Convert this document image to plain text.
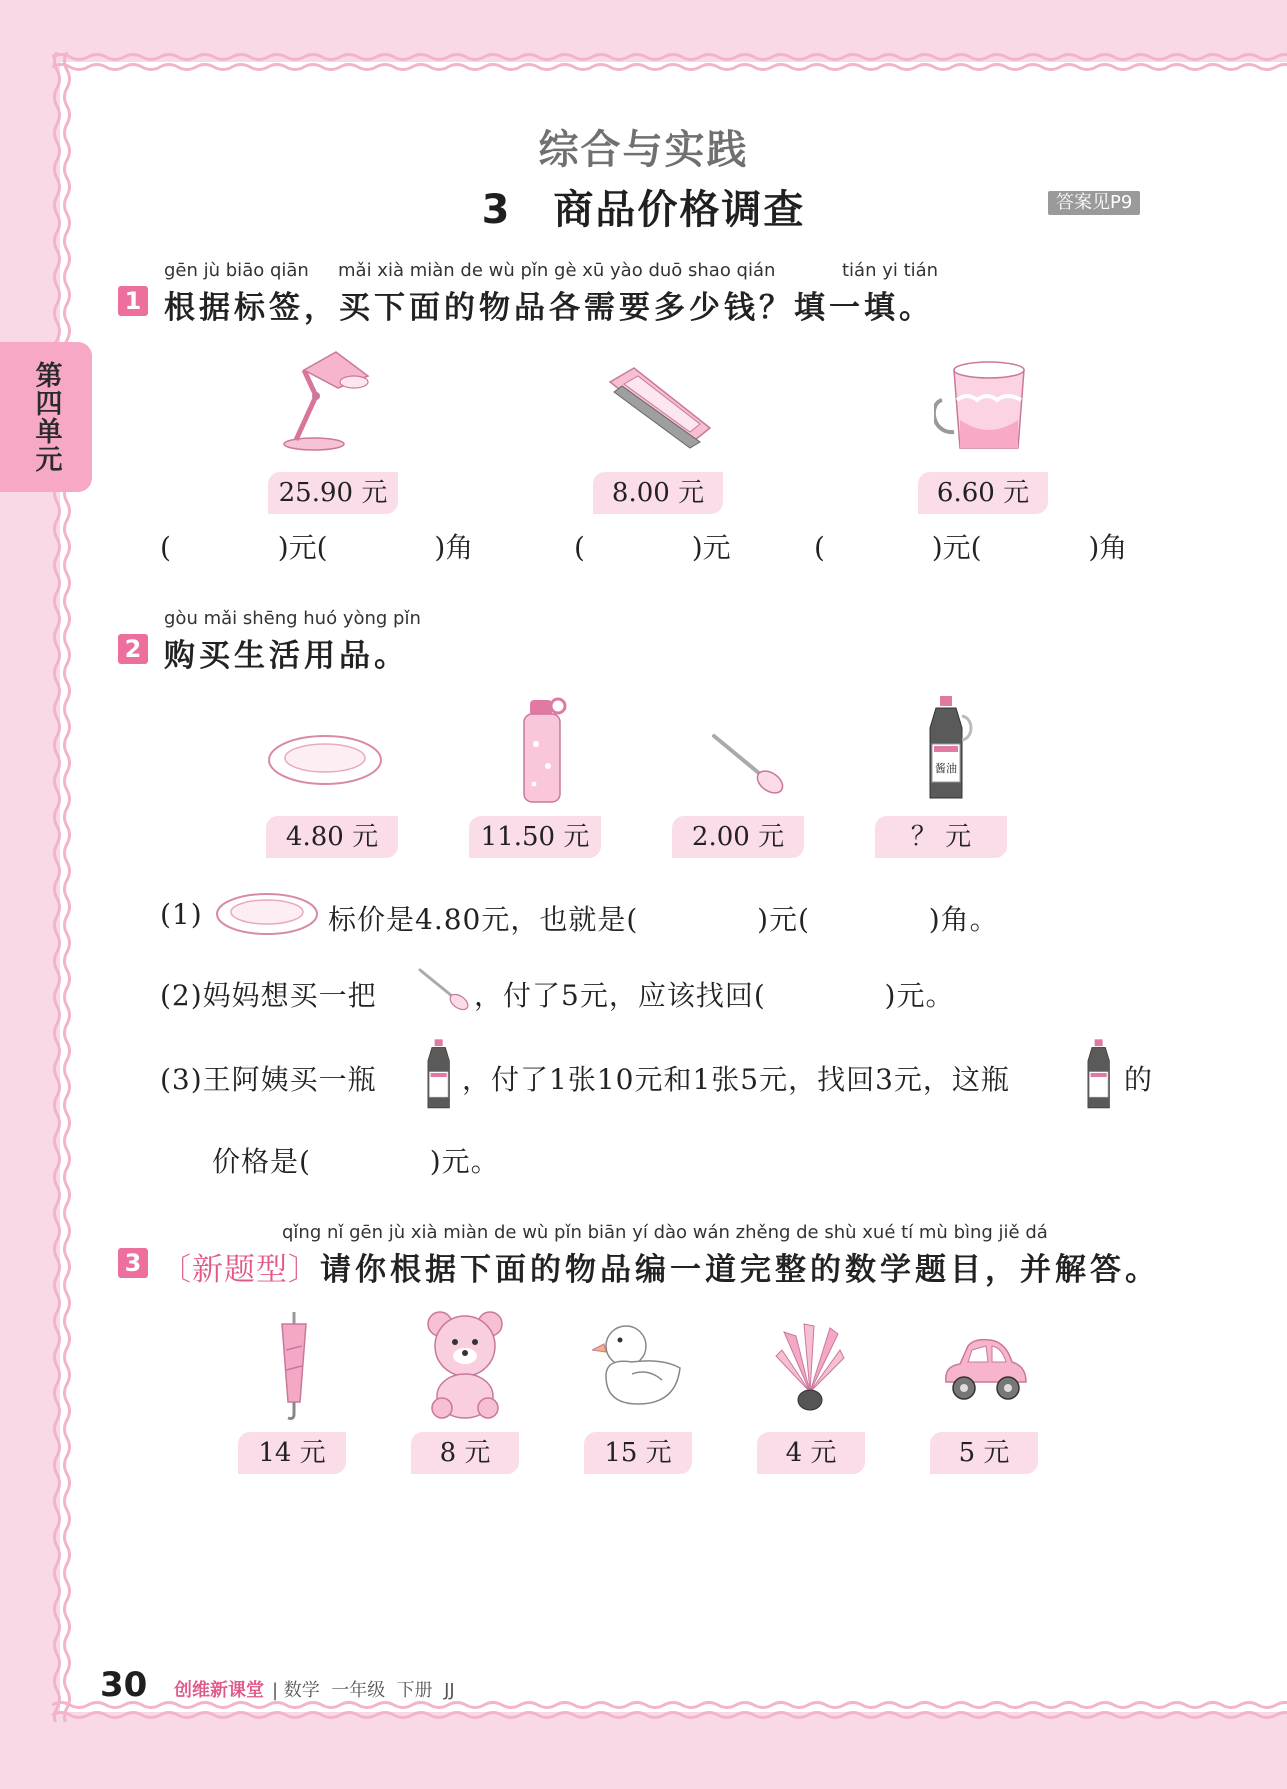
第四单元
综合与实践
3　商品价格调查	答案见P9
gēn jù biāo qiān mǎi xià miàn de wù pǐn gè xū yào duō shao qián	tián yi tián
1 根据标签，买下面的物品各需要多少钱？填一填。
25.90 元	8.00 元	6.60 元
(            )元(            )角	(            )元	(            )元(            )角
gòu mǎi shēng huó yòng pǐn
2 购买生活用品。
酱油
4.80 元	11.50 元	2.00 元	？ 元
(1)	标价是4.80元，也就是(            )元(            )角。
(2)妈妈想买一把	，付了5元，应该找回(            )元。
(3)王阿姨买一瓶	，付了1张10元和1张5元，找回3元，这瓶	的
价格是(            )元。
qǐng nǐ gēn jù xià miàn de wù pǐn biān yí dào wán zhěng de shù xué tí mù bìng jiě dá
3 〔新题型〕请你根据下面的物品编一道完整的数学题目，并解答。
14 元	8 元	15 元	4 元	5 元
30 创维新课堂 | 数学  一年级  下册  JJ
